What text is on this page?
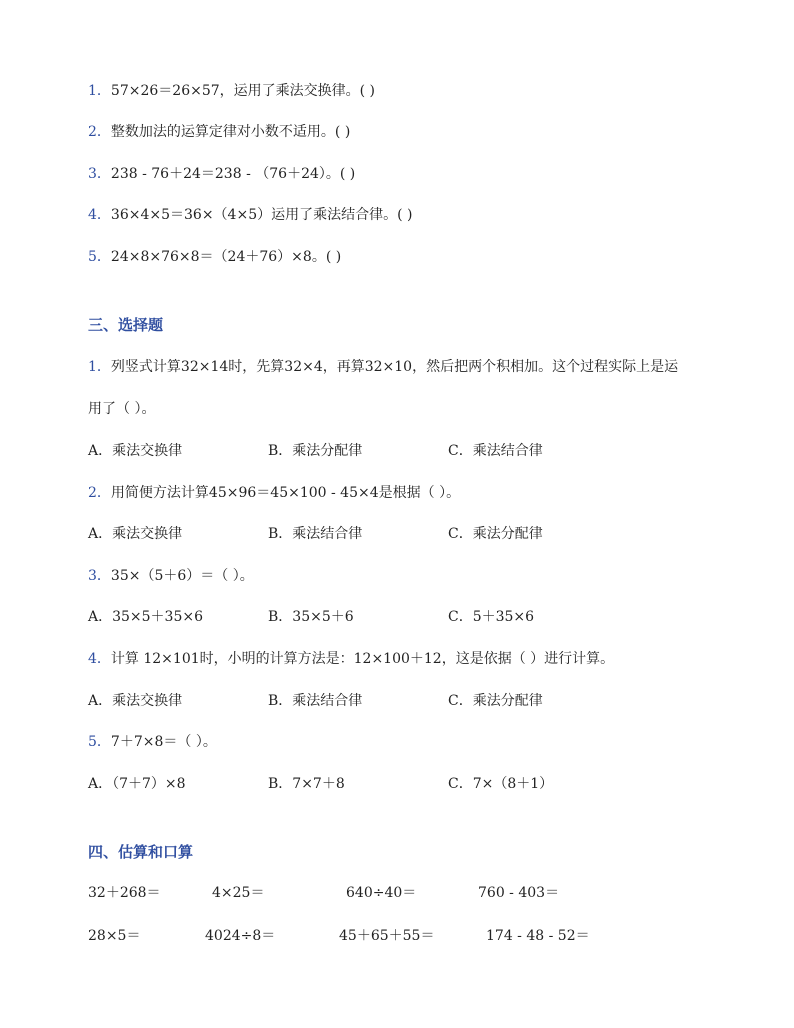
1．57×26＝26×57，运用了乘法交换律。( )
2．整数加法的运算定律对小数不适用。( )
3．238 - 76＋24＝238 - （76＋24）。( )
4．36×4×5＝36×（4×5）运用了乘法结合律。( )
5．24×8×76×8＝（24＋76）×8。( )
三、选择题
1．列竖式计算32×14时，先算32×4，再算32×10，然后把两个积相加。这个过程实际上是运
用了（ ）。
A．乘法交换律	B．乘法分配律	C．乘法结合律
2．用简便方法计算45×96＝45×100 - 45×4是根据（ ）。
A．乘法交换律	B．乘法结合律	C．乘法分配律
3．35×（5＋6）＝（ ）。
A．35×5＋35×6	B．35×5＋6	C．5＋35×6
4．计算 12×101时，小明的计算方法是：12×100＋12，这是依据（ ）进行计算。
A．乘法交换律	B．乘法结合律	C．乘法分配律
5．7＋7×8＝（ ）。
A．（7＋7）×8	B．7×7＋8	C．7×（8＋1）
四、估算和口算
32＋268＝	4×25＝	640÷40＝	760 - 403＝
28×5＝	4024÷8＝	45＋65＋55＝	174 - 48 - 52＝
